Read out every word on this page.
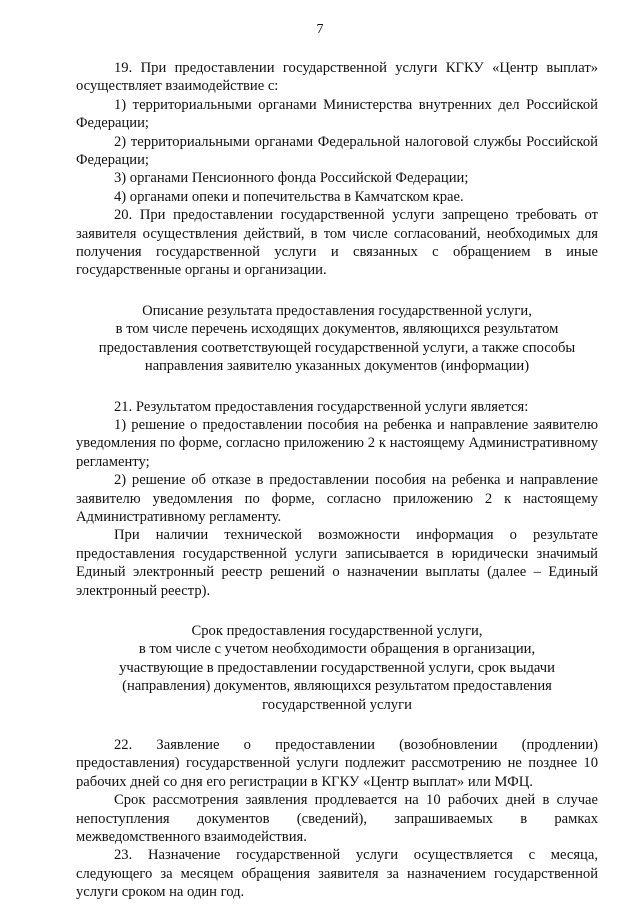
7

19. При предоставлении государственной услуги КГКУ «Центр выплат» осуществляет взаимодействие с:

1) территориальными органами Министерства внутренних дел Российской Федерации;

2) территориальными органами Федеральной налоговой службы Российской Федерации;

3) органами Пенсионного фонда Российской Федерации;

4) органами опеки и попечительства в Камчатском крае.

20. При предоставлении государственной услуги запрещено требовать от заявителя осуществления действий, в том числе согласований, необходимых для получения государственной услуги и связанных с обращением в иные государственные органы и организации.

Описание результата предоставления государственной услуги,
в том числе перечень исходящих документов, являющихся результатом
предоставления соответствующей государственной услуги, а также способы
направления заявителю указанных документов (информации)

21. Результатом предоставления государственной услуги является:

1) решение о предоставлении пособия на ребенка и направление заявителю уведомления по форме, согласно приложению 2 к настоящему Административному регламенту;

2) решение об отказе в предоставлении пособия на ребенка и направление заявителю уведомления по форме, согласно приложению 2 к настоящему Административному регламенту.

При наличии технической возможности информация о результате предоставления государственной услуги записывается в юридически значимый Единый электронный реестр решений о назначении выплаты (далее – Единый электронный реестр).

Срок предоставления государственной услуги,
в том числе с учетом необходимости обращения в организации,
участвующие в предоставлении государственной услуги, срок выдачи
(направления) документов, являющихся результатом предоставления
государственной услуги

22. Заявление о предоставлении (возобновлении (продлении) предоставления) государственной услуги подлежит рассмотрению не позднее 10 рабочих дней со дня его регистрации в КГКУ «Центр выплат» или МФЦ.

Срок рассмотрения заявления продлевается на 10 рабочих дней в случае непоступления документов (сведений), запрашиваемых в рамках межведомственного взаимодействия.

23. Назначение государственной услуги осуществляется с месяца, следующего за месяцем обращения заявителя за назначением государственной услуги сроком на один год.
